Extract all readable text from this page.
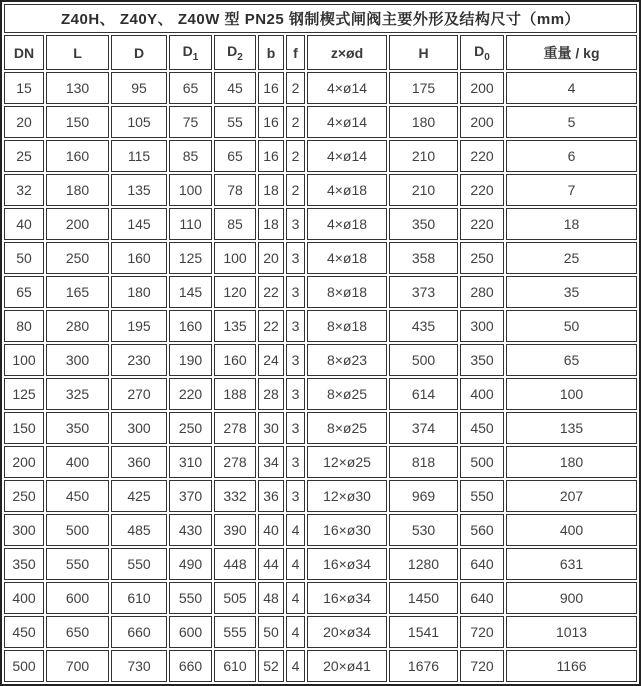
Z40H、 Z40Y、 Z40W 型 PN25 钢制楔式闸阀主要外形及结构尺寸（mm）										
DN	L	D	$D_1$	$D_2$	b	f	z×ød	H	$D_0$	重量 / kg
15	130	95	65	45	16	2	4×ø14	175	200	4
20	150	105	75	55	16	2	4×ø14	180	200	5
25	160	115	85	65	16	2	4×ø14	210	220	6
32	180	135	100	78	18	2	4×ø18	210	220	7
40	200	145	110	85	18	3	4×ø18	350	220	18
50	250	160	125	100	20	3	4×ø18	358	250	25
65	165	180	145	120	22	3	8×ø18	373	280	35
80	280	195	160	135	22	3	8×ø18	435	300	50
100	300	230	190	160	24	3	8×ø23	500	350	65
125	325	270	220	188	28	3	8×ø25	614	400	100
150	350	300	250	278	30	3	8×ø25	374	450	135
200	400	360	310	278	34	3	12×ø25	818	500	180
250	450	425	370	332	36	3	12×ø30	969	550	207
300	500	485	430	390	40	4	16×ø30	530	560	400
350	550	550	490	448	44	4	16×ø34	1280	640	631
400	600	610	550	505	48	4	16×ø34	1450	640	900
450	650	660	600	555	50	4	20×ø34	1541	720	1013
500	700	730	660	610	52	4	20×ø41	1676	720	1166
